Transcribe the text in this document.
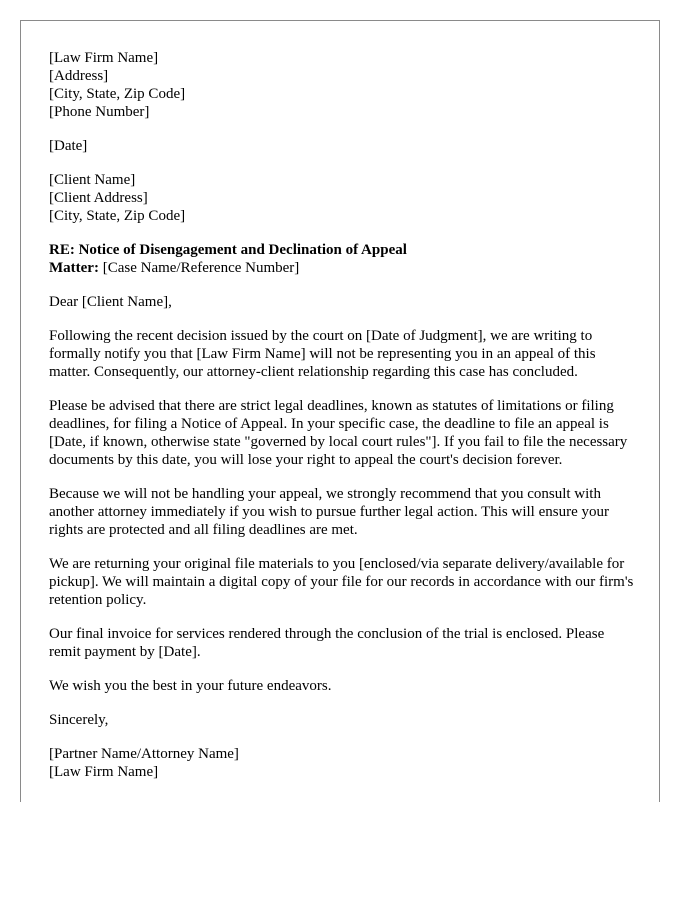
[Law Firm Name]
[Address]
[City, State, Zip Code]
[Phone Number]
[Date]
[Client Name]
[Client Address]
[City, State, Zip Code]
RE: Notice of Disengagement and Declination of Appeal
Matter: [Case Name/Reference Number]
Dear [Client Name],

Following the recent decision issued by the court on [Date of Judgment], we are writing to formally notify you that [Law Firm Name] will not be representing you in an appeal of this matter. Consequently, our attorney-client relationship regarding this case has concluded.

Please be advised that there are strict legal deadlines, known as statutes of limitations or filing deadlines, for filing a Notice of Appeal. In your specific case, the deadline to file an appeal is [Date, if known, otherwise state "governed by local court rules"]. If you fail to file the necessary documents by this date, you will lose your right to appeal the court's decision forever.

Because we will not be handling your appeal, we strongly recommend that you consult with another attorney immediately if you wish to pursue further legal action. This will ensure your rights are protected and all filing deadlines are met.

We are returning your original file materials to you [enclosed/via separate delivery/available for pickup]. We will maintain a digital copy of your file for our records in accordance with our firm's retention policy.

Our final invoice for services rendered through the conclusion of the trial is enclosed. Please remit payment by [Date].

We wish you the best in your future endeavors.

Sincerely,
[Partner Name/Attorney Name]
[Law Firm Name]
